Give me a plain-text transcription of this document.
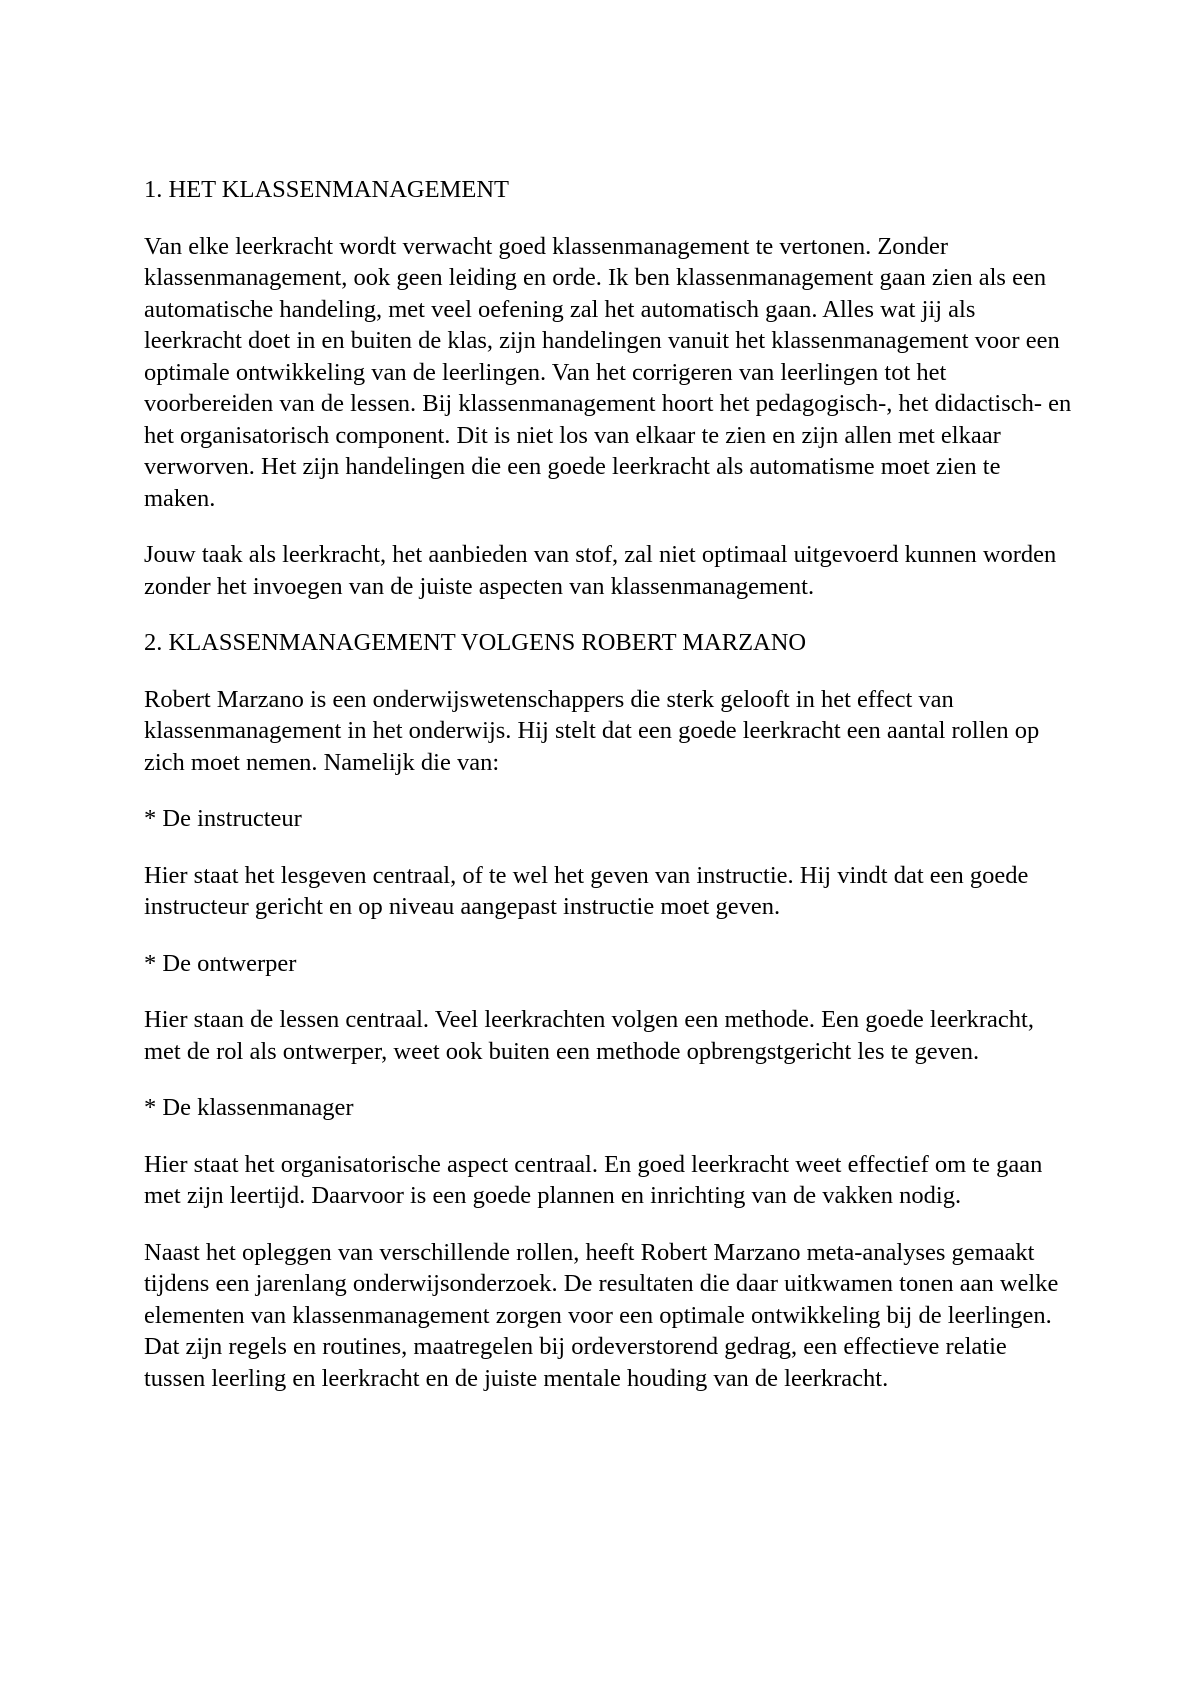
1. HET KLASSENMANAGEMENT

Van elke leerkracht wordt verwacht goed klassenmanagement te vertonen. Zonder klassenmanagement, ook geen leiding en orde. Ik ben klassenmanagement gaan zien als een automatische handeling, met veel oefening zal het automatisch gaan. Alles wat jij als leerkracht doet in en buiten de klas, zijn handelingen vanuit het klassenmanagement voor een optimale ontwikkeling van de leerlingen. Van het corrigeren van leerlingen tot het voorbereiden van de lessen. Bij klassenmanagement hoort het pedagogisch-, het didactisch- en het organisatorisch component. Dit is niet los van elkaar te zien en zijn allen met elkaar verworven. Het zijn handelingen die een goede leerkracht als automatisme moet zien te maken.

Jouw taak als leerkracht, het aanbieden van stof, zal niet optimaal uitgevoerd kunnen worden zonder het invoegen van de juiste aspecten van klassenmanagement.

2. KLASSENMANAGEMENT VOLGENS ROBERT MARZANO

Robert Marzano is een onderwijswetenschappers die sterk gelooft in het effect van klassenmanagement in het onderwijs. Hij stelt dat een goede leerkracht een aantal rollen op zich moet nemen. Namelijk die van:

* De instructeur

Hier staat het lesgeven centraal, of te wel het geven van instructie. Hij vindt dat een goede instructeur gericht en op niveau aangepast instructie moet geven.

* De ontwerper

Hier staan de lessen centraal. Veel leerkrachten volgen een methode. Een goede leerkracht, met de rol als ontwerper, weet ook buiten een methode opbrengstgericht les te geven.

* De klassenmanager

Hier staat het organisatorische aspect centraal. En goed leerkracht weet effectief om te gaan met zijn leertijd. Daarvoor is een goede plannen en inrichting van de vakken nodig.

Naast het opleggen van verschillende rollen, heeft Robert Marzano meta-analyses gemaakt tijdens een jarenlang onderwijsonderzoek. De resultaten die daar uitkwamen tonen aan welke elementen van klassenmanagement zorgen voor een optimale ontwikkeling bij de leerlingen. Dat zijn regels en routines, maatregelen bij ordeverstorend gedrag, een effectieve relatie tussen leerling en leerkracht en de juiste mentale houding van de leerkracht.
